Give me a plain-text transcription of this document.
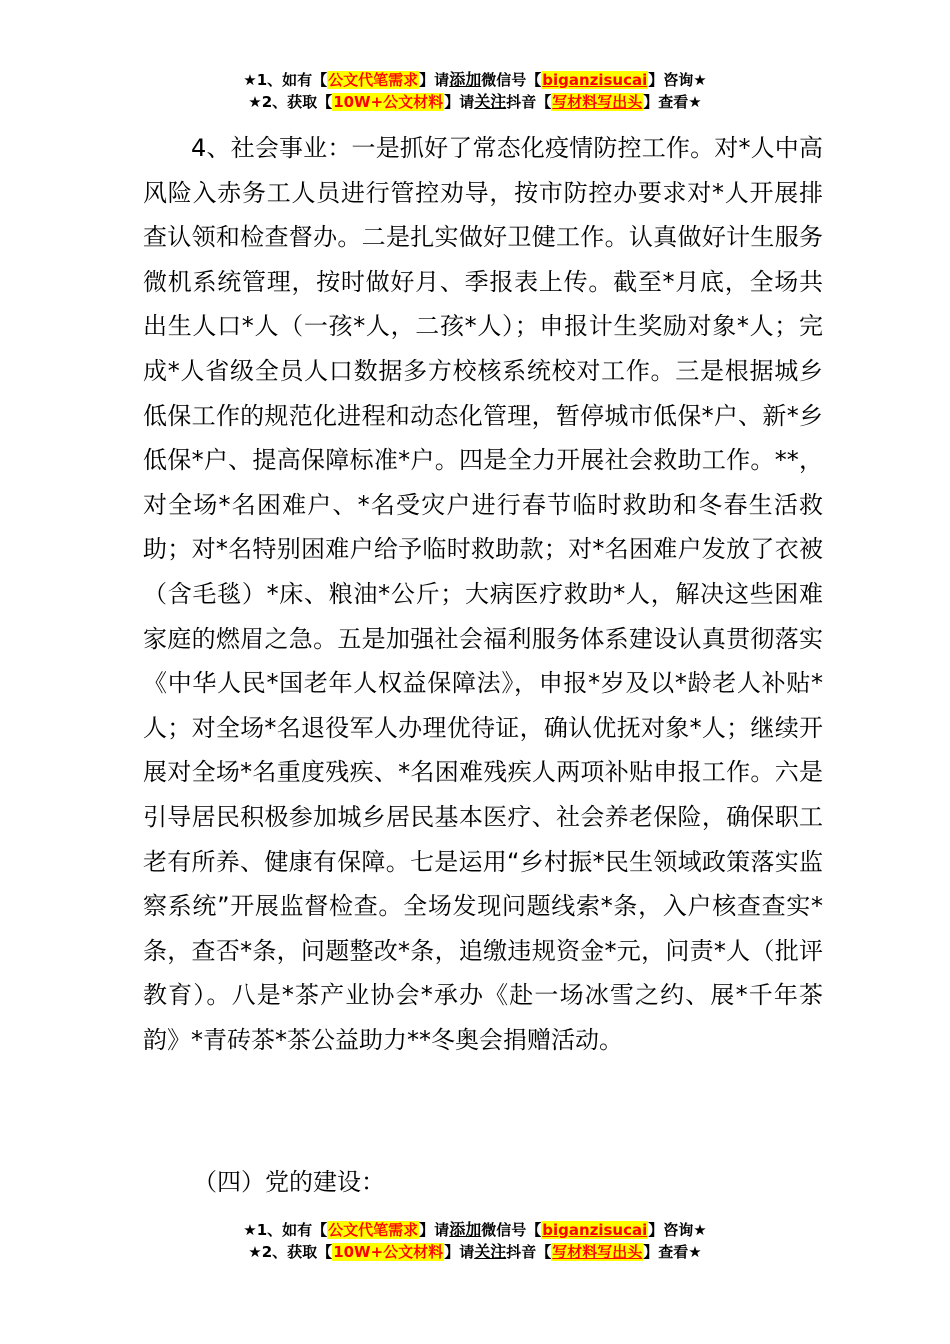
★1、如有【公文代笔需求】请添加微信号【biganzisucai】咨询★
★2、获取【10W+公文材料】请关注抖音【写材料写出头】查看★

4、社会事业：一是抓好了常态化疫情防控工作。对*人中高风险入赤务工人员进行管控劝导，按市防控办要求对*人开展排查认领和检查督办。二是扎实做好卫健工作。认真做好计生服务微机系统管理，按时做好月、季报表上传。截至*月底，全场共出生人口*人（一孩*人，二孩*人）；申报计生奖励对象*人；完成*人省级全员人口数据多方校核系统校对工作。三是根据城乡低保工作的规范化进程和动态化管理，暂停城市低保*户、新*乡低保*户、提高保障标准*户。四是全力开展社会救助工作。**，对全场*名困难户、*名受灾户进行春节临时救助和冬春生活救助；对*名特别困难户给予临时救助款；对*名困难户发放了衣被（含毛毯）*床、粮油*公斤；大病医疗救助*人，解决这些困难家庭的燃眉之急。五是加强社会福利服务体系建设认真贯彻落实《中华人民*国老年人权益保障法》，申报*岁及以*龄老人补贴*人；对全场*名退役军人办理优待证，确认优抚对象*人；继续开展对全场*名重度残疾、*名困难残疾人两项补贴申报工作。六是引导居民积极参加城乡居民基本医疗、社会养老保险，确保职工老有所养、健康有保障。七是运用“乡村振*民生领域政策落实监察系统”开展监督检查。全场发现问题线索*条，入户核查查实*条，查否*条，问题整改*条，追缴违规资金*元，问责*人（批评教育）。八是*茶产业协会*承办《赴一场冰雪之约、展*千年茶韵》*青砖茶*茶公益助力**冬奥会捐赠活动。

（四）党的建设：
★1、如有【公文代笔需求】请添加微信号【biganzisucai】咨询★
★2、获取【10W+公文材料】请关注抖音【写材料写出头】查看★
